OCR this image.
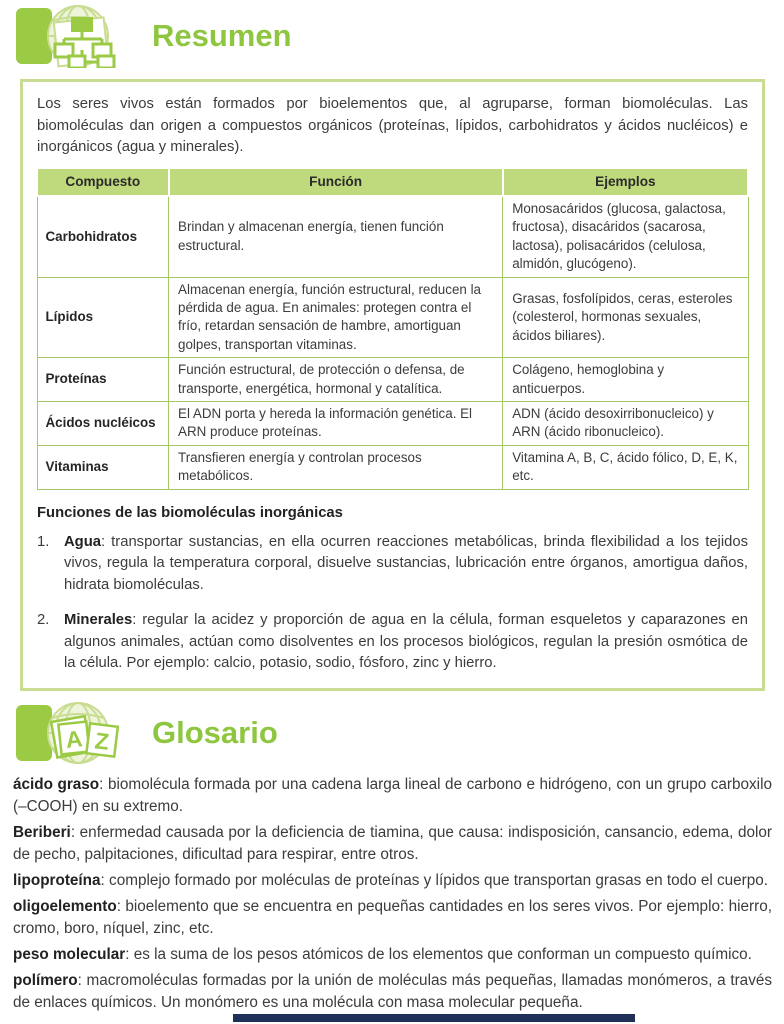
Resumen

Los seres vivos están formados por bioelementos que, al agruparse, forman biomoléculas. Las biomoléculas dan origen a compuestos orgánicos (proteínas, lípidos, carbohidratos y ácidos nucléicos) e inorgánicos (agua y minerales).

Compuesto	Función	Ejemplos
Carbohidratos	Brindan y almacenan energía, tienen función estructural.	Monosacáridos (glucosa, galactosa, fructosa), disacáridos (sacarosa, lactosa), polisacáridos (celulosa, almidón, glucógeno).
Lípidos	Almacenan energía, función estructural, reducen la pérdida de agua. En animales: protegen contra el frío, retardan sensación de hambre, amortiguan golpes, transportan vitaminas.	Grasas, fosfolípidos, ceras, esteroles (colesterol, hormonas sexuales, ácidos biliares).
Proteínas	Función estructural, de protección o defensa, de transporte, energética, hormonal y catalítica.	Colágeno, hemoglobina y anticuerpos.
Ácidos nucléicos	El ADN porta y hereda la información genética. El ARN produce proteínas.	ADN (ácido desoxirribonucleico) y ARN (ácido ribonucleico).
Vitaminas	Transfieren energía y controlan procesos metabólicos.	Vitamina A, B, C, ácido fólico, D, E, K, etc.
Funciones de las biomoléculas inorgánicas
1. Agua: transportar sustancias, en ella ocurren reacciones metabólicas, brinda flexibilidad a los tejidos vivos, regula la temperatura corporal, disuelve sustancias, lubricación entre órganos, amortigua daños, hidrata biomoléculas.

2. Minerales: regular la acidez y proporción de agua en la célula, forman esqueletos y caparazones en algunos animales, actúan como disolventes en los procesos biológicos, regulan la presión osmótica de la célula. Por ejemplo: calcio, potasio, sodio, fósforo, zinc y hierro.

A Z Glosario

ácido graso: biomolécula formada por una cadena larga lineal de carbono e hidrógeno, con un grupo carboxilo (–COOH) en su extremo.

Beriberi: enfermedad causada por la deficiencia de tiamina, que causa: indisposición, cansancio, edema, dolor de pecho, palpitaciones, dificultad para respirar, entre otros.

lipoproteína: complejo formado por moléculas de proteínas y lípidos que transportan grasas en todo el cuerpo.

oligoelemento: bioelemento que se encuentra en pequeñas cantidades en los seres vivos. Por ejemplo: hierro, cromo, boro, níquel, zinc, etc.

peso molecular: es la suma de los pesos atómicos de los elementos que conforman un compuesto químico.

polímero: macromoléculas formadas por la unión de moléculas más pequeñas, llamadas monómeros, a través de enlaces químicos. Un monómero es una molécula con masa molecular pequeña.
